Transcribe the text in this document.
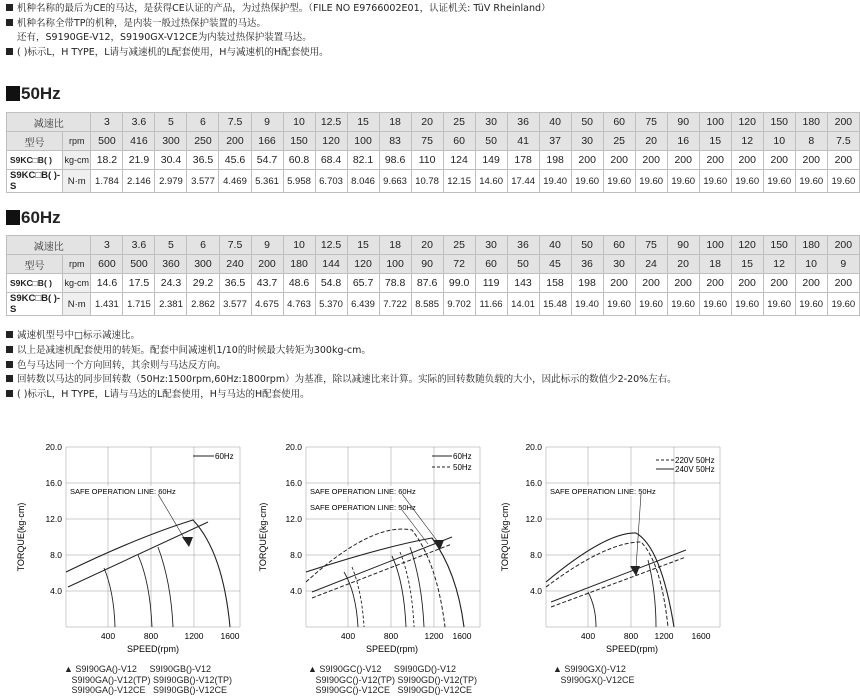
机种名称的最后为CE的马达，是获得CE认证的产品，为过热保护型。（FILE NO E9766002E01，认证机关: TüV Rheinland）
机种名称全带TP的机种，是内装一般过热保护装置的马达。
还有，S9190GE-V12，S9190GX-V12CE为内装过热保护装置马达。
( )标示L，H TYPE，L请与减速机的L配套使用，H与减速机的H配套使用。
50Hz
减速比		3	3.6	5	6	7.5	9	10	12.5	15	18	20	25	30	36	40	50	60	75	90	100	120	150	180	200
型号	rpm	500	416	300	250	200	166	150	120	100	83	75	60	50	41	37	30	25	20	16	15	12	10	8	7.5
S9KC□B( )	kg-cm	18.2	21.9	30.4	36.5	45.6	54.7	60.8	68.4	82.1	98.6	110	124	149	178	198	200	200	200	200	200	200	200	200	200
S9KC□B( )-S	N·m	1.784	2.146	2.979	3.577	4.469	5.361	5.958	6.703	8.046	9.663	10.78	12.15	14.60	17.44	19.40	19.60	19.60	19.60	19.60	19.60	19.60	19.60	19.60	19.60
60Hz
减速比		3	3.6	5	6	7.5	9	10	12.5	15	18	20	25	30	36	40	50	60	75	90	100	120	150	180	200
型号	rpm	600	500	360	300	240	200	180	144	120	100	90	72	60	50	45	36	30	24	20	18	15	12	10	9
S9KC□B( )	kg-cm	14.6	17.5	24.3	29.2	36.5	43.7	48.6	54.8	65.7	78.8	87.6	99.0	119	143	158	198	200	200	200	200	200	200	200	200
S9KC□B( )-S	N·m	1.431	1.715	2.381	2.862	3.577	4.675	4.763	5.370	6.439	7.722	8.585	9.702	11.66	14.01	15.48	19.40	19.60	19.60	19.60	19.60	19.60	19.60	19.60	19.60
减速机型号中□标示减速比。
以上是减速机配套使用的转矩。配套中间减速机1/10的时候最大转矩为300kg-cm。
色与马达同一个方向回转，其余则与马达反方向。
回转数以马达的同步回转数（50Hz:1500rpm,60Hz:1800rpm）为基准，除以减速比来计算。实际的回转数随负载的大小，因此标示的数值少2-20%左右。
( )标示L，H TYPE，L请与马达的L配套使用，H与马达的H配套使用。
20.0
16.0
12.0
8.0
4.0
400	800	1200 1600
TORQUE(kg·cm)
SPEED(rpm)
60Hz
SAFE OPERATION LINE: 60Hz
▲ S9I90GA()-V12     S9I90GB()-V12
S9I90GA()-V12(TP) S9I90GB()-V12(TP)
S9I90GA()-V12CE   S9I90GB()-V12CE
20.0
16.0
12.0
8.0
4.0
400	800	1200 1600
TORQUE(kg·cm)
SPEED(rpm)
60Hz
50Hz
SAFE OPERATION LINE: 60Hz
SAFE OPERATION LINE: 50Hz
▲ S9I90GC()-V12     S9I90GD()-V12
S9I90GC()-V12(TP) S9I90GD()-V12(TP)
S9I90GC()-V12CE   S9I90GD()-V12CE
20.0
16.0
12.0
8.0
4.0
400	800 1200 1600
TORQUE(kg·cm)
SPEED(rpm)
220V 50Hz
240V 50Hz
SAFE OPERATION LINE: 50Hz
▲ S9I90GX()-V12
S9I90GX()-V12CE
